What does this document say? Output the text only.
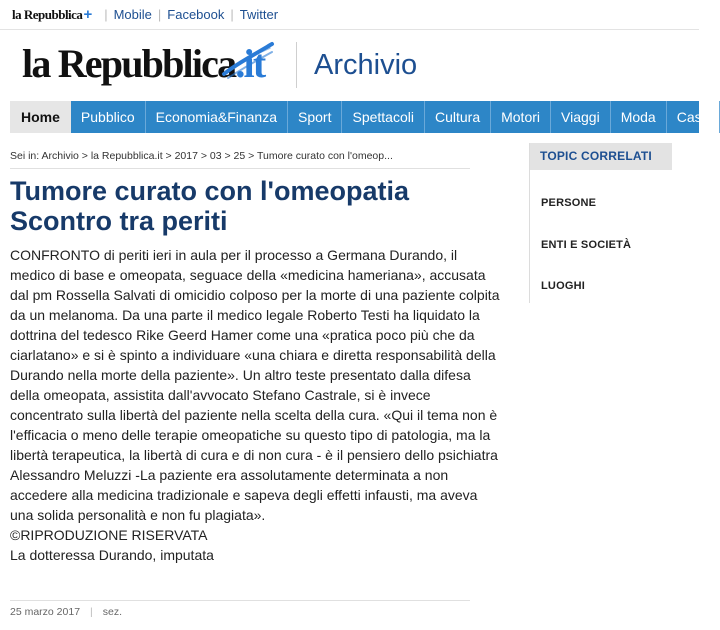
la Repubblica + | Mobile | Facebook | Twitter
la Repubblica.it Archivio
Home	Pubblico	Economia&Finanza	Sport	Spettacoli	Cultura	Motori	Viaggi	Moda	Casa
Sei in: Archivio > la Repubblica.it > 2017 > 03 > 25 > Tumore curato con l'omeop...
Tumore curato con l'omeopatia
Scontro tra periti

CONFRONTO di periti ieri in aula per il processo a Germana Durando, il medico di base e omeopata, seguace della «medicina hameriana», accusata dal pm Rossella Salvati di omicidio colposo per la morte di una paziente colpita da un melanoma. Da una parte il medico legale Roberto Testi ha liquidato la dottrina del tedesco Rike Geerd Hamer come una «pratica poco più che da ciarlatano» e si è spinto a individuare «una chiara e diretta responsabilità della Durando nella morte della paziente». Un altro teste presentato dalla difesa della omeopata, assistita dall'avvocato Stefano Castrale, si è invece concentrato sulla libertà del paziente nella scelta della cura. «Qui il tema non è l'efficacia o meno delle terapie omeopatiche su questo tipo di patologia, ma la libertà terapeutica, la libertà di cura e di non cura - è il pensiero dello psichiatra Alessandro Meluzzi -La paziente era assolutamente determinata a non accedere alla medicina tradizionale e sapeva degli effetti infausti, ma aveva una solida personalità e non fu plagiata».

©RIPRODUZIONE RISERVATA

La dotteressa Durando, imputata

25 marzo 2017 | sez.
TOPIC CORRELATI
PERSONE
ENTI E SOCIETÀ
LUOGHI
